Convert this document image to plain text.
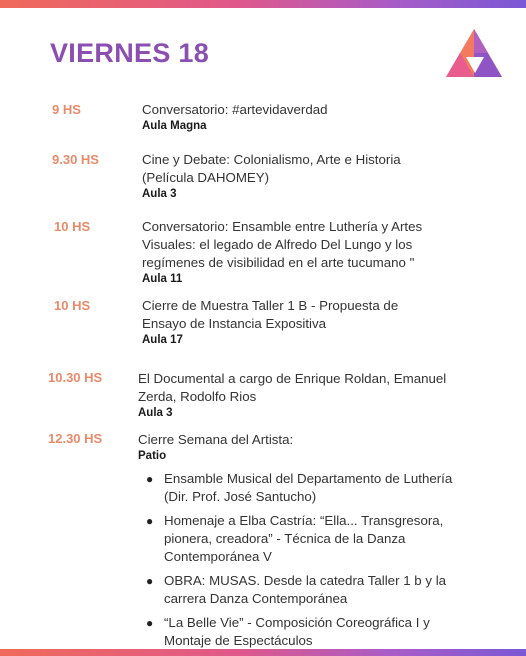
VIERNES 18
9 HS	Conversatorio: #artevidaverdad
Aula Magna
9.30 HS	Cine y Debate: Colonialismo, Arte e Historia (Película DAHOMEY)
Aula 3
10 HS	Conversatorio: Ensamble entre Luthería y Artes Visuales: el legado de Alfredo Del Lungo y los regímenes de visibilidad en el arte tucumano "
Aula 11
10 HS	Cierre de Muestra Taller 1 B - Propuesta de Ensayo de Instancia Expositiva
Aula 17
10.30 HS	El Documental a cargo de Enrique Roldan, Emanuel Zerda, Rodolfo Rios
Aula 3
12.30 HS	Cierre Semana del Artista:
Patio
● Ensamble Musical del Departamento de Luthería (Dir. Prof. José Santucho)
● Homenaje a Elba Castría: “Ella... Transgresora, pionera, creadora” - Técnica de la Danza Contemporánea V
● OBRA: MUSAS. Desde la catedra Taller 1 b y la carrera Danza Contemporánea
● “La Belle Vie” - Composición Coreográfica I y Montaje de Espectáculos
